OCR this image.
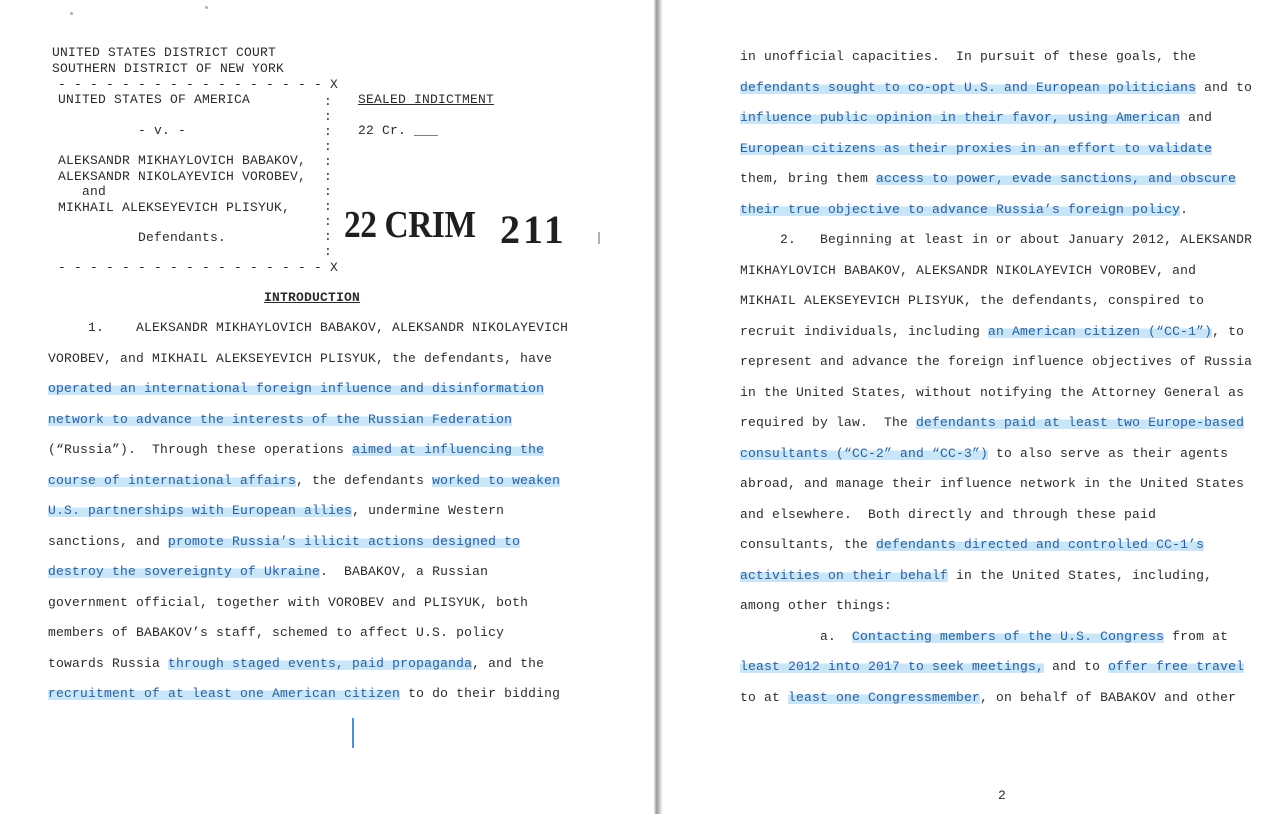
UNITED STATES DISTRICT COURT
SOUTHERN DISTRICT OF NEW YORK
- - - - - - - - - - - - - - - - - X
UNITED STATES OF AMERICA
- v. -
ALEKSANDR MIKHAYLOVICH BABAKOV,
ALEKSANDR NIKOLAYEVICH VOROBEV,
and
MIKHAIL ALEKSEYEVICH PLISYUK,
Defendants.
- - - - - - - - - - - - - - - - - X
:
:
:
:
:
:
:
:
:
:
:
SEALED INDICTMENT
22 Cr. ___
22 CRIM 211
INTRODUCTION
1.    ALEKSANDR MIKHAYLOVICH BABAKOV, ALEKSANDR NIKOLAYEVICH
VOROBEV, and MIKHAIL ALEKSEYEVICH PLISYUK, the defendants, have
operated an international foreign influence and disinformation
network to advance the interests of the Russian Federation
(“Russia”).  Through these operations aimed at influencing the
course of international affairs, the defendants worked to weaken
U.S. partnerships with European allies, undermine Western
sanctions, and promote Russia’s illicit actions designed to
destroy the sovereignty of Ukraine.  BABAKOV, a Russian
government official, together with VOROBEV and PLISYUK, both
members of BABAKOV’s staff, schemed to affect U.S. policy
towards Russia through staged events, paid propaganda, and the
recruitment of at least one American citizen to do their bidding
in unofficial capacities.  In pursuit of these goals, the
defendants sought to co-opt U.S. and European politicians and to
influence public opinion in their favor, using American and
European citizens as their proxies in an effort to validate
them, bring them access to power, evade sanctions, and obscure
their true objective to advance Russia’s foreign policy.
2.   Beginning at least in or about January 2012, ALEKSANDR
MIKHAYLOVICH BABAKOV, ALEKSANDR NIKOLAYEVICH VOROBEV, and
MIKHAIL ALEKSEYEVICH PLISYUK, the defendants, conspired to
recruit individuals, including an American citizen (“CC-1”), to
represent and advance the foreign influence objectives of Russia
in the United States, without notifying the Attorney General as
required by law.  The defendants paid at least two Europe-based
consultants (“CC-2” and “CC-3”) to also serve as their agents
abroad, and manage their influence network in the United States
and elsewhere.  Both directly and through these paid
consultants, the defendants directed and controlled CC-1’s
activities on their behalf in the United States, including,
among other things:
a.  Contacting members of the U.S. Congress from at
least 2012 into 2017 to seek meetings, and to offer free travel
to at least one Congressmember, on behalf of BABAKOV and other
2
